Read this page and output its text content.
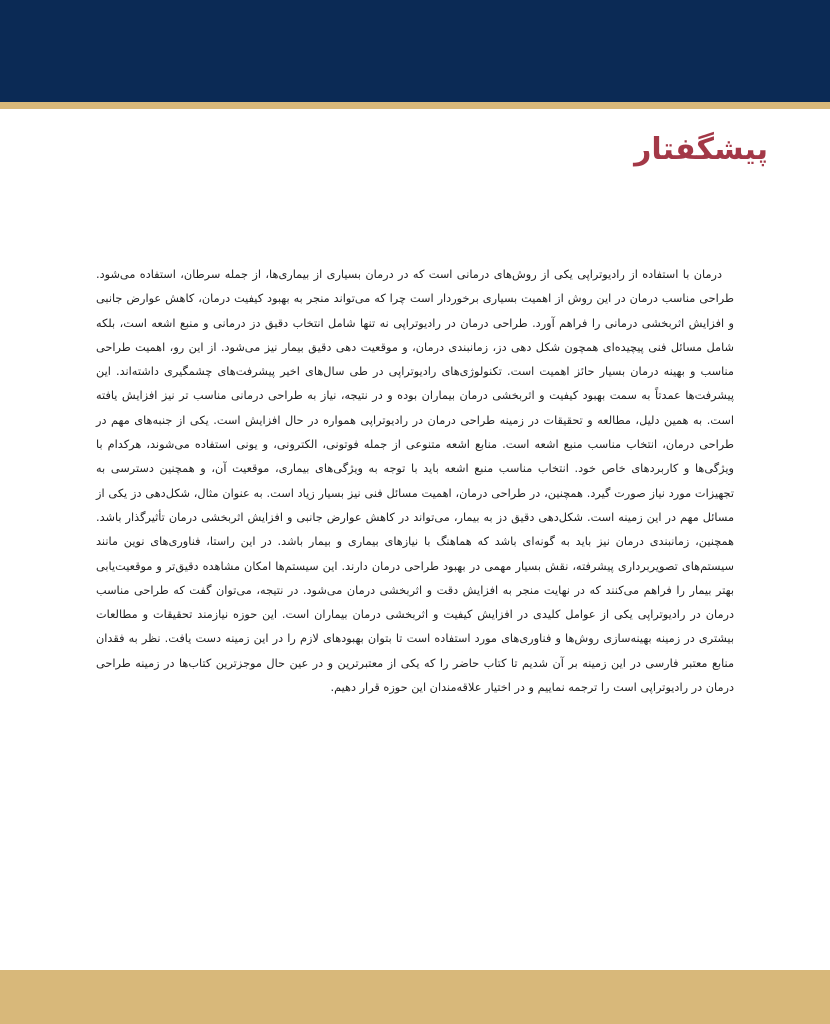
پیشگفتار

درمان با استفاده از رادیوتراپی یکی از روش‌های درمانی است که در درمان بسیاری از بیماری‌ها، از جمله سرطان، استفاده می‌شود. طراحی مناسب درمان در این روش از اهمیت بسیاری برخوردار است چرا که می‌تواند منجر به بهبود کیفیت درمان، کاهش عوارض جانبی و افزایش اثربخشی درمانی را فراهم آورد. طراحی درمان در رادیوتراپی نه تنها شامل انتخاب دقیق دز درمانی و منبع اشعه است، بلکه شامل مسائل فنی پیچیده‌ای همچون شکل دهی دز، زمانبندی درمان، و موقعیت دهی دقیق بیمار نیز می‌شود. از این رو، اهمیت طراحی مناسب و بهینه درمان بسیار حائز اهمیت است. تکنولوژی‌های رادیوتراپی در طی سال‌های اخیر پیشرفت‌های چشمگیری داشته‌اند. این پیشرفت‌ها عمدتاً به سمت بهبود کیفیت و اثربخشی درمان بیماران بوده و در نتیجه، نیاز به طراحی درمانی مناسب تر نیز افزایش یافته است. به همین دلیل، مطالعه و تحقیقات در زمینه طراحی درمان در رادیوتراپی همواره در حال افزایش است. یکی از جنبه‌های مهم در طراحی درمان، انتخاب مناسب منبع اشعه است. منابع اشعه متنوعی از جمله فوتونی، الکترونی، و یونی استفاده می‌شوند، هرکدام با ویژگی‌ها و کاربردهای خاص خود. انتخاب مناسب منبع اشعه باید با توجه به ویژگی‌های بیماری، موقعیت آن، و همچنین دسترسی به تجهیزات مورد نیاز صورت گیرد. همچنین، در طراحی درمان، اهمیت مسائل فنی نیز بسیار زیاد است. به عنوان مثال، شکل‌دهی دز یکی از مسائل مهم در این زمینه است. شکل‌دهی دقیق دز به بیمار، می‌تواند در کاهش عوارض جانبی و افزایش اثربخشی درمان تأثیرگذار باشد. همچنین، زمانبندی درمان نیز باید به گونه‌ای باشد که هماهنگ با نیازهای بیماری و بیمار باشد. در این راستا، فناوری‌های نوین مانند سیستم‌های تصویربرداری پیشرفته، نقش بسیار مهمی در بهبود طراحی درمان دارند. این سیستم‌ها امکان مشاهده دقیق‌تر و موقعیت‌یابی بهتر بیمار را فراهم می‌کنند که در نهایت منجر به افزایش دقت و اثربخشی درمان می‌شود. در نتیجه، می‌توان گفت که طراحی مناسب درمان در رادیوتراپی یکی از عوامل کلیدی در افزایش کیفیت و اثربخشی درمان بیماران است. این حوزه نیازمند تحقیقات و مطالعات بیشتری در زمینه بهینه‌سازی روش‌ها و فناوری‌های مورد استفاده است تا بتوان بهبودهای لازم را در این زمینه دست یافت. نظر به فقدان منابع معتبر فارسی در این زمینه بر آن شدیم تا کتاب حاضر را که یکی از معتبرترین و در عین حال موجزترین کتاب‌ها در زمینه طراحی درمان در رادیوتراپی است را ترجمه نماییم و در اختیار علاقه‌مندان این حوزه قرار دهیم.
